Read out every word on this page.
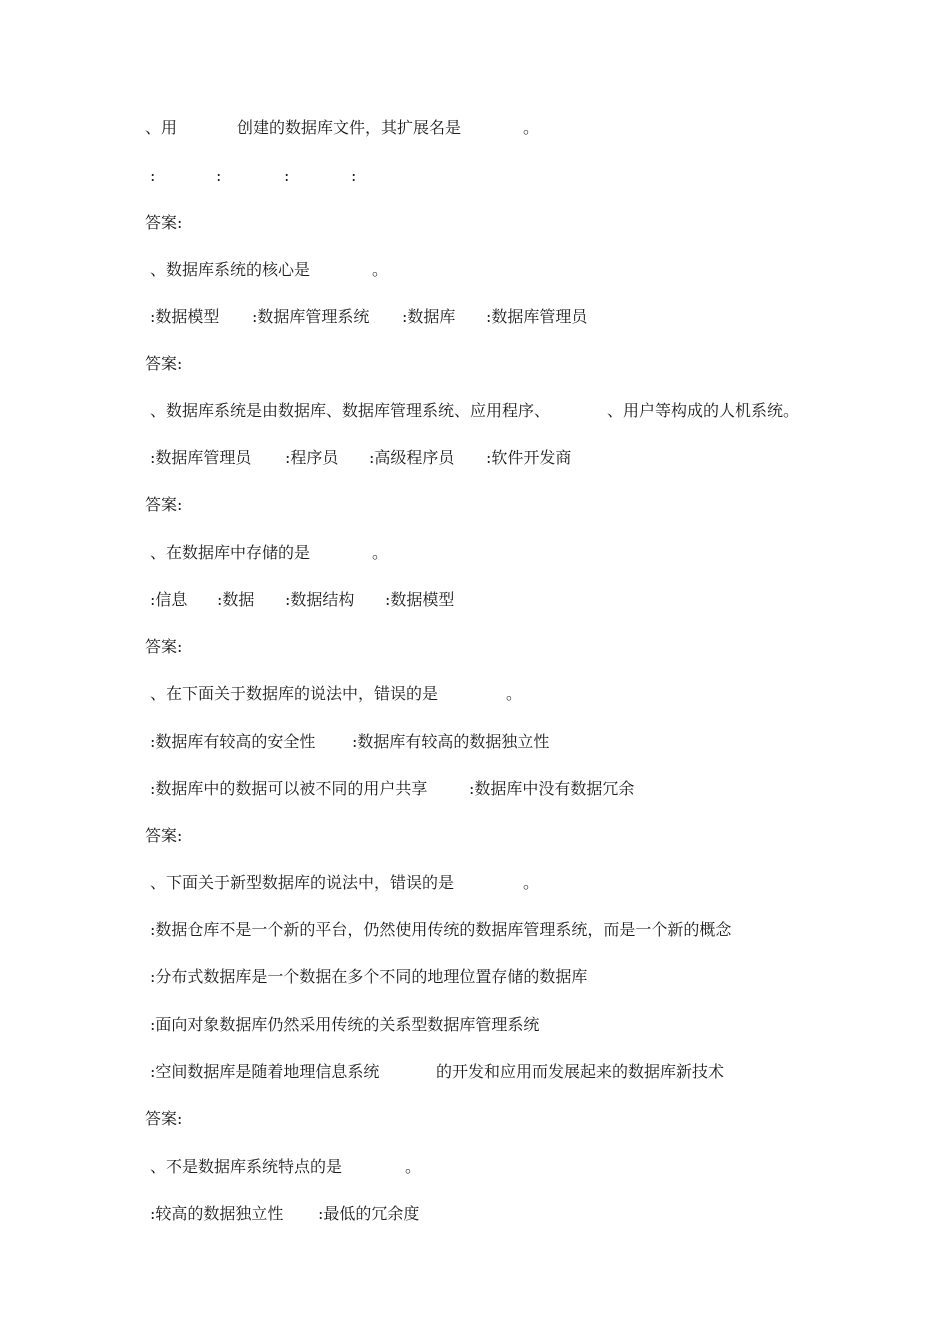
、用	创建的数据库文件，其扩展名是	。
:	:	:	:
答案:
、数据库系统的核心是	。
:数据模型 :数据库管理系统 :数据库 :数据库管理员
答案:
、数据库系统是由数据库、数据库管理系统、应用程序、	、用户等构成的人机系统。
:数据库管理员 :程序员 :高级程序员 :软件开发商
答案:
、在数据库中存储的是	。
:信息 :数据 :数据结构 :数据模型
答案:
、在下面关于数据库的说法中，错误的是	。
:数据库有较高的安全性 :数据库有较高的数据独立性
:数据库中的数据可以被不同的用户共享	:数据库中没有数据冗余
答案:
、下面关于新型数据库的说法中，错误的是	。
:数据仓库不是一个新的平台，仍然使用传统的数据库管理系统，而是一个新的概念
:分布式数据库是一个数据在多个不同的地理位置存储的数据库
:面向对象数据库仍然采用传统的关系型数据库管理系统
:空间数据库是随着地理信息系统	的开发和应用而发展起来的数据库新技术
答案:
、不是数据库系统特点的是	。
:较高的数据独立性 :最低的冗余度
